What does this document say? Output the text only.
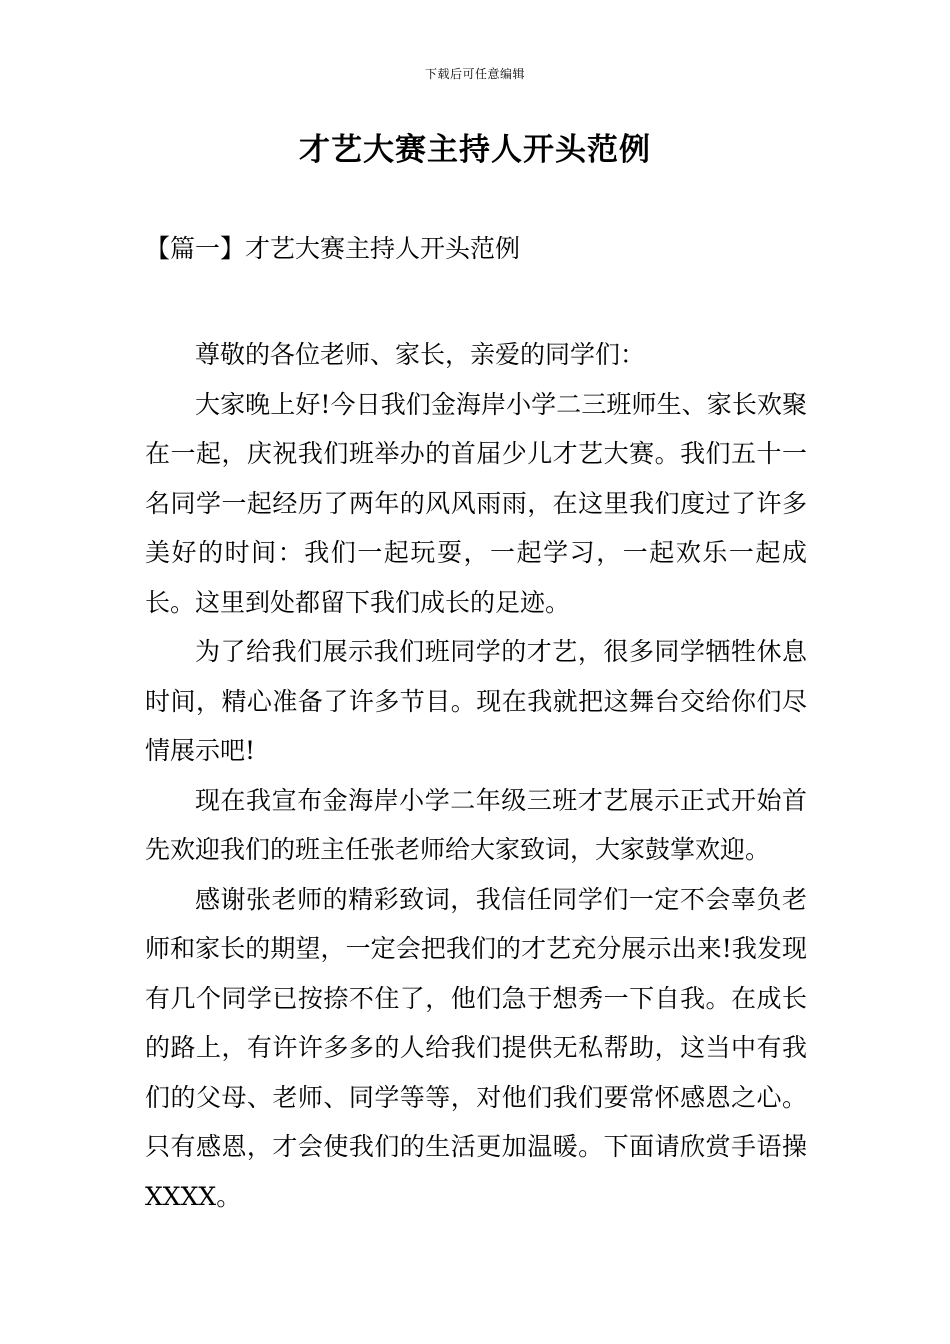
下载后可任意编辑
才艺大赛主持人开头范例
【篇一】才艺大赛主持人开头范例

尊敬的各位老师、家长，亲爱的同学们：

大家晚上好!今日我们金海岸小学二三班师生、家长欢聚在一起，庆祝我们班举办的首届少儿才艺大赛。我们五十一名同学一起经历了两年的风风雨雨，在这里我们度过了许多美好的时间：我们一起玩耍，一起学习，一起欢乐一起成长。这里到处都留下我们成长的足迹。

为了给我们展示我们班同学的才艺，很多同学牺牲休息时间，精心准备了许多节目。现在我就把这舞台交给你们尽情展示吧!

现在我宣布金海岸小学二年级三班才艺展示正式开始首先欢迎我们的班主任张老师给大家致词，大家鼓掌欢迎。

感谢张老师的精彩致词，我信任同学们一定不会辜负老师和家长的期望，一定会把我们的才艺充分展示出来!我发现有几个同学已按捺不住了，他们急于想秀一下自我。在成长的路上，有许许多多的人给我们提供无私帮助，这当中有我们的父母、老师、同学等等，对他们我们要常怀感恩之心。只有感恩，才会使我们的生活更加温暖。下面请欣赏手语操XXXX。
